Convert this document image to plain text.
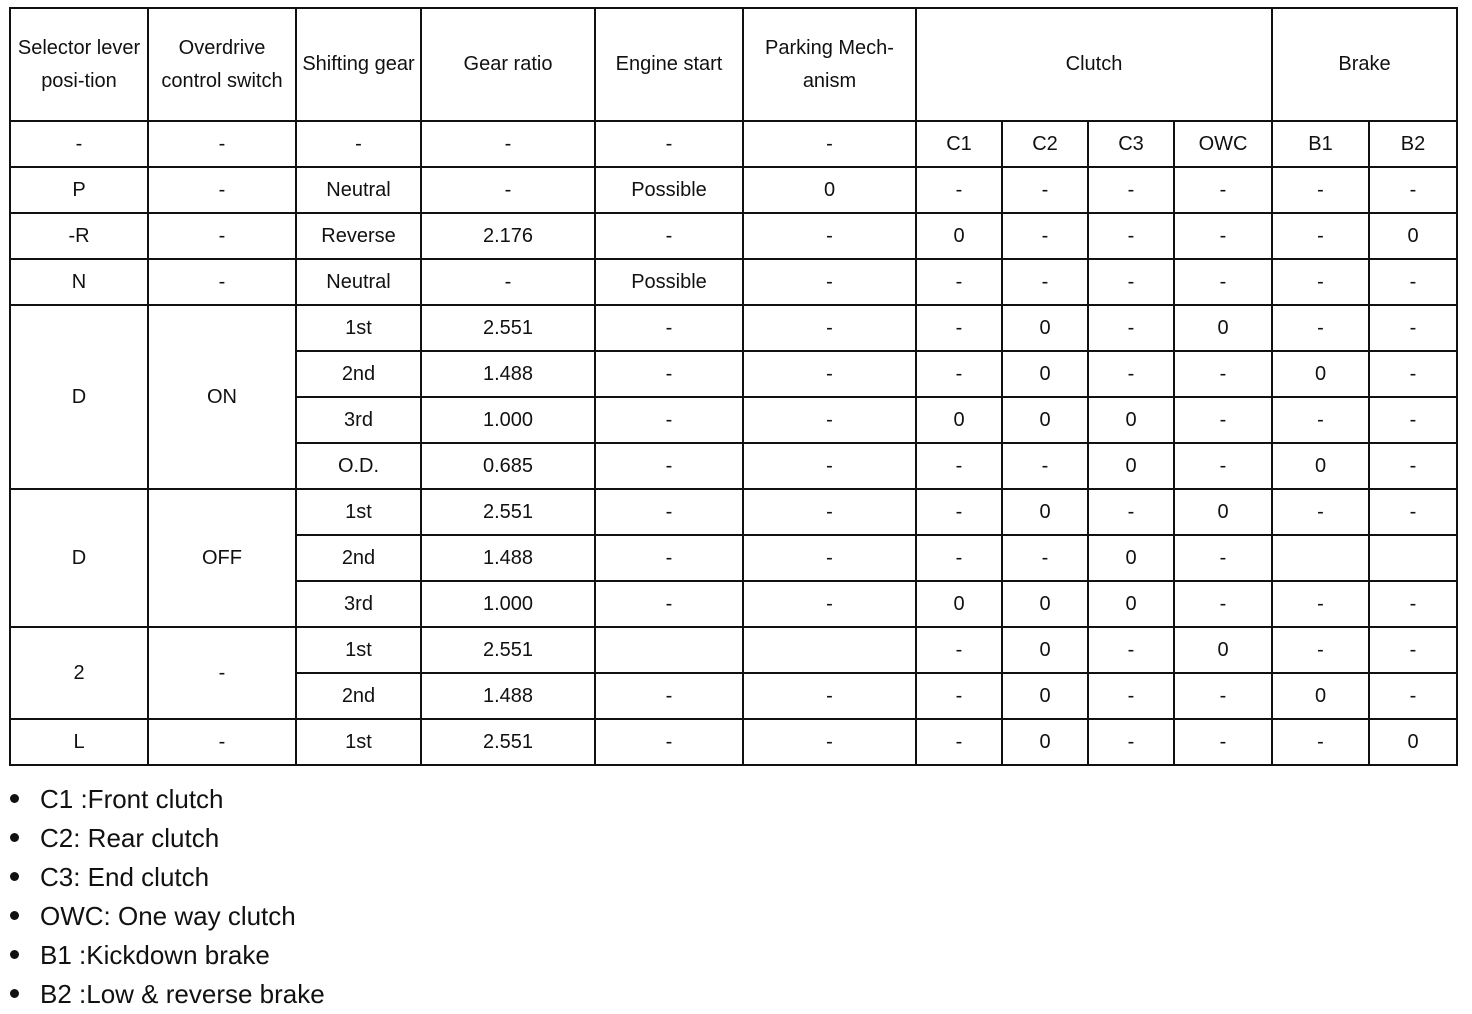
Selector lever posi-tion	Overdrive control switch	Shifting gear	Gear ratio	Engine start	Parking Mech-anism	Clutch				Brake	
-	-	-	-	-	-	C1	C2	C3	OWC	B1	B2
P	-	Neutral	-	Possible	0	-	-	-	-	-	-
-R	-	Reverse	2.176	-	-	0	-	-	-	-	0
N	-	Neutral	-	Possible	-	-	-	-	-	-	-
D	ON	1st	2.551	-	-	-	0	-	0	-	-
		2nd	1.488	-	-	-	0	-	-	0	-
		3rd	1.000	-	-	0	0	0	-	-	-
		O.D.	0.685	-	-	-	-	0	-	0	-
D	OFF	1st	2.551	-	-	-	0	-	0	-	-
		2nd	1.488	-	-	-	-	0	-		
		3rd	1.000	-	-	0	0	0	-	-	-
2	-	1st	2.551			-	0	-	0	-	-
		2nd	1.488	-	-	-	0	-	-	0	-
L	-	1st	2.551	-	-	-	0	-	-	-	0
C1 :Front clutch
C2: Rear clutch
C3: End clutch
OWC: One way clutch
B1 :Kickdown brake
B2 :Low & reverse brake
